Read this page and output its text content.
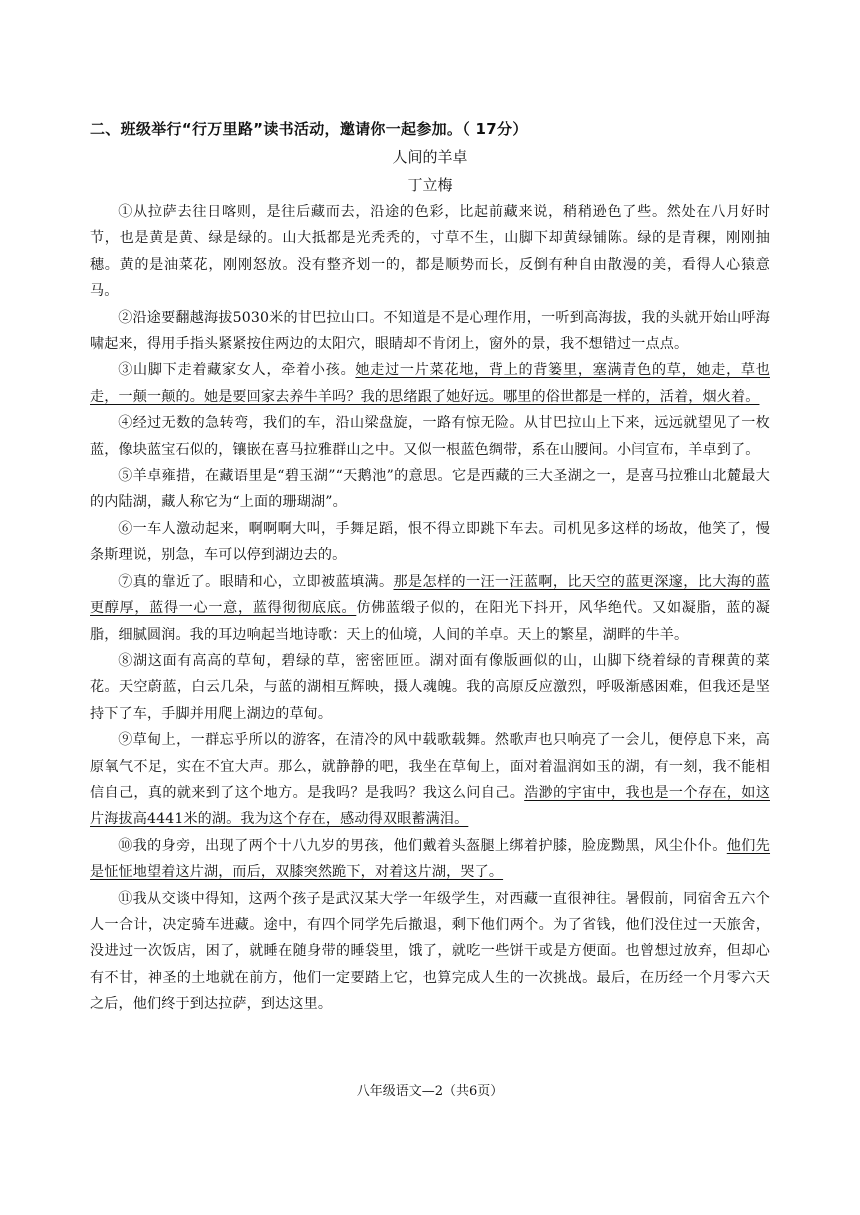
二、班级举行“行万里路”读书活动，邀请你一起参加。（ 17分）
人间的羊卓
丁立梅

①从拉萨去往日喀则，是往后藏而去，沿途的色彩，比起前藏来说，稍稍逊色了些。然处在八月好时节，也是黄是黄、绿是绿的。山大抵都是光秃秃的，寸草不生，山脚下却黄绿铺陈。绿的是青稞，刚刚抽穗。黄的是油菜花，刚刚怒放。没有整齐划一的，都是顺势而长，反倒有种自由散漫的美，看得人心猿意马。

②沿途要翻越海拔5030米的甘巴拉山口。不知道是不是心理作用，一听到高海拔，我的头就开始山呼海啸起来，得用手指头紧紧按住两边的太阳穴，眼睛却不肯闭上，窗外的景，我不想错过一点点。

③山脚下走着藏家女人，牵着小孩。她走过一片菜花地，背上的背篓里，塞满青色的草，她走，草也走，一颠一颠的。她是要回家去养牛羊吗？我的思绪跟了她好远。哪里的俗世都是一样的，活着，烟火着。

④经过无数的急转弯，我们的车，沿山梁盘旋，一路有惊无险。从甘巴拉山上下来，远远就望见了一枚蓝，像块蓝宝石似的，镶嵌在喜马拉雅群山之中。又似一根蓝色绸带，系在山腰间。小闫宣布，羊卓到了。

⑤羊卓雍措，在藏语里是“碧玉湖”“天鹅池”的意思。它是西藏的三大圣湖之一，是喜马拉雅山北麓最大的内陆湖，藏人称它为“上面的珊瑚湖”。

⑥一车人激动起来，啊啊啊大叫，手舞足蹈，恨不得立即跳下车去。司机见多这样的场故，他笑了，慢条斯理说，别急，车可以停到湖边去的。

⑦真的靠近了。眼睛和心，立即被蓝填满。那是怎样的一汪一汪蓝啊，比天空的蓝更深邃，比大海的蓝更醇厚，蓝得一心一意，蓝得彻彻底底。仿佛蓝缎子似的，在阳光下抖开，风华绝代。又如凝脂，蓝的凝脂，细腻圆润。我的耳边响起当地诗歌：天上的仙境，人间的羊卓。天上的繁星，湖畔的牛羊。

⑧湖这面有高高的草甸，碧绿的草，密密匝匝。湖对面有像版画似的山，山脚下绕着绿的青稞黄的菜花。天空蔚蓝，白云几朵，与蓝的湖相互辉映，摄人魂魄。我的高原反应激烈，呼吸渐感困难，但我还是坚持下了车，手脚并用爬上湖边的草甸。

⑨草甸上，一群忘乎所以的游客，在清冷的风中载歌载舞。然歌声也只响亮了一会儿，便停息下来，高原氧气不足，实在不宜大声。那么，就静静的吧，我坐在草甸上，面对着温润如玉的湖，有一刻，我不能相信自己，真的就来到了这个地方。是我吗？是我吗？我这么问自己。浩渺的宇宙中，我也是一个存在，如这片海拔高4441米的湖。我为这个存在，感动得双眼蓄满泪。

⑩我的身旁，出现了两个十八九岁的男孩，他们戴着头盔腿上绑着护膝，脸庞黝黑，风尘仆仆。他们先是怔怔地望着这片湖，而后，双膝突然跪下，对着这片湖，哭了。

⑪我从交谈中得知，这两个孩子是武汉某大学一年级学生，对西藏一直很神往。暑假前，同宿舍五六个人一合计，决定骑车进藏。途中，有四个同学先后撤退，剩下他们两个。为了省钱，他们没住过一天旅舍，没进过一次饭店，困了，就睡在随身带的睡袋里，饿了，就吃一些饼干或是方便面。也曾想过放弃，但却心有不甘，神圣的土地就在前方，他们一定要踏上它，也算完成人生的一次挑战。最后，在历经一个月零六天之后，他们终于到达拉萨，到达这里。

八年级语文—2（共6页）
